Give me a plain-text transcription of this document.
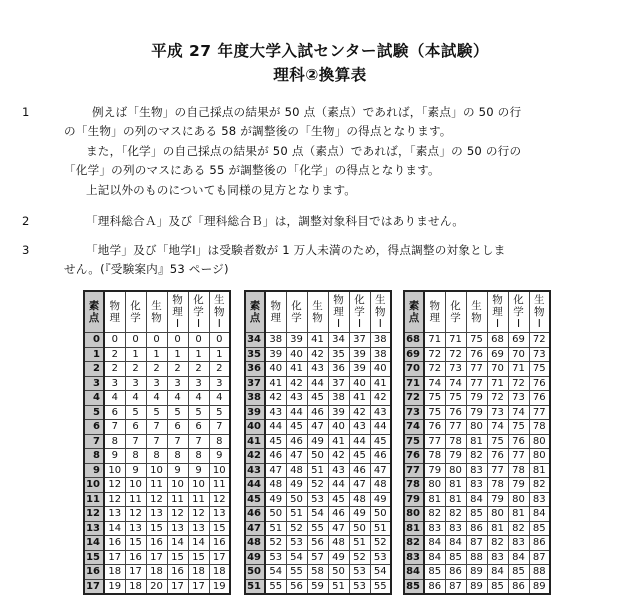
平成 27 年度大学入試センター試験（本試験）
理科②換算表
1	例えば「生物」の自己採点の結果が 50 点（素点）であれば，「素点」の 50 の行
の「生物」の列のマスにある 58 が調整後の「生物」の得点となります。
また，「化学」の自己採点の結果が 50 点（素点）であれば，「素点」の 50 の行の
「化学」の列のマスにある 55 が調整後の「化学」の得点となります。
上記以外のものについても同様の見方となります。
2	「理科総合Ａ」及び「理科総合Ｂ」は，調整対象科目ではありません。
3	「地学」及び「地学Ⅰ」は受験者数が 1 万人未満のため，得点調整の対象としま
せん。(『受験案内』53 ページ)
素点	物理	化学	生物	物理Ⅰ	化学Ⅰ	生物Ⅰ
0	0	0	0	0	0	0
1	2	1	1	1	1	1
2	2	2	2	2	2	2
3	3	3	3	3	3	3
4	4	4	4	4	4	4
5	6	5	5	5	5	5
6	7	6	7	6	6	7
7	8	7	7	7	7	8
8	9	8	8	8	8	9
9	10	9	10	9	9	10
10	12	10	11	10	10	11
11	12	11	12	11	11	12
12	13	12	13	12	12	13
13	14	13	15	13	13	15
14	16	15	16	14	14	16
15	17	16	17	15	15	17
16	18	17	18	16	18	18
17	19	18	20	17	17	19
素点	物理	化学	生物	物理Ⅰ	化学Ⅰ	生物Ⅰ
34	38	39	41	34	37	38
35	39	40	42	35	39	38
36	40	41	43	36	39	40
37	41	42	44	37	40	41
38	42	43	45	38	41	42
39	43	44	46	39	42	43
40	44	45	47	40	43	44
41	45	46	49	41	44	45
42	46	47	50	42	45	46
43	47	48	51	43	46	47
44	48	49	52	44	47	48
45	49	50	53	45	48	49
46	50	51	54	46	49	50
47	51	52	55	47	50	51
48	52	53	56	48	51	52
49	53	54	57	49	52	53
50	54	55	58	50	53	54
51	55	56	59	51	53	55
素点	物理	化学	生物	物理Ⅰ	化学Ⅰ	生物Ⅰ
68	71	71	75	68	69	72
69	72	72	76	69	70	73
70	72	73	77	70	71	75
71	74	74	77	71	72	76
72	75	75	79	72	73	76
73	75	76	79	73	74	77
74	76	77	80	74	75	78
75	77	78	81	75	76	80
76	78	79	82	76	77	80
77	79	80	83	77	78	81
78	80	81	83	78	79	82
79	81	81	84	79	80	83
80	82	82	85	80	81	84
81	83	83	86	81	82	85
82	84	84	87	82	83	86
83	84	85	88	83	84	87
84	85	86	89	84	85	88
85	86	87	89	85	86	89
